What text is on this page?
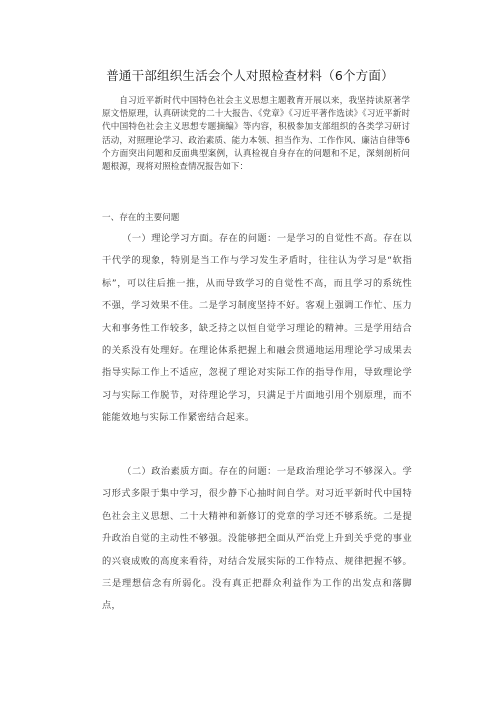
普通干部组织生活会个人对照检查材料（6个方面）

自习近平新时代中国特色社会主义思想主题教育开展以来，我坚持读原著学原文悟原理，认真研读党的二十大报告、《党章》《习近平著作选读》《习近平新时代中国特色社会主义思想专题摘编》等内容，积极参加支部组织的各类学习研讨活动，对照理论学习、政治素质、能力本领、担当作为、工作作风、廉洁自律等6个方面突出问题和反面典型案例，认真检视自身存在的问题和不足，深刻剖析问题根源，现将对照检查情况报告如下：

一、存在的主要问题

（一）理论学习方面。存在的问题：一是学习的自觉性不高。存在以干代学的现象，特别是当工作与学习发生矛盾时，往往认为学习是“软指标”，可以往后推一推，从而导致学习的自觉性不高，而且学习的系统性不强，学习效果不佳。二是学习制度坚持不好。客观上强调工作忙、压力大和事务性工作较多，缺乏持之以恒自觉学习理论的精神。三是学用结合的关系没有处理好。在理论体系把握上和融会贯通地运用理论学习成果去指导实际工作上不适应，忽视了理论对实际工作的指导作用，导致理论学习与实际工作脱节，对待理论学习，只满足于片面地引用个别原理，而不能能效地与实际工作紧密结合起来。

（二）政治素质方面。存在的问题：一是政治理论学习不够深入。学习形式多限于集中学习，很少静下心抽时间自学。对习近平新时代中国特色社会主义思想、二十大精神和新修订的党章的学习还不够系统。二是提升政治自觉的主动性不够强。没能够把全面从严治党上升到关乎党的事业的兴衰成败的高度来看待，对结合发展实际的工作特点、规律把握不够。三是理想信念有所弱化。没有真正把群众利益作为工作的出发点和落脚点，
